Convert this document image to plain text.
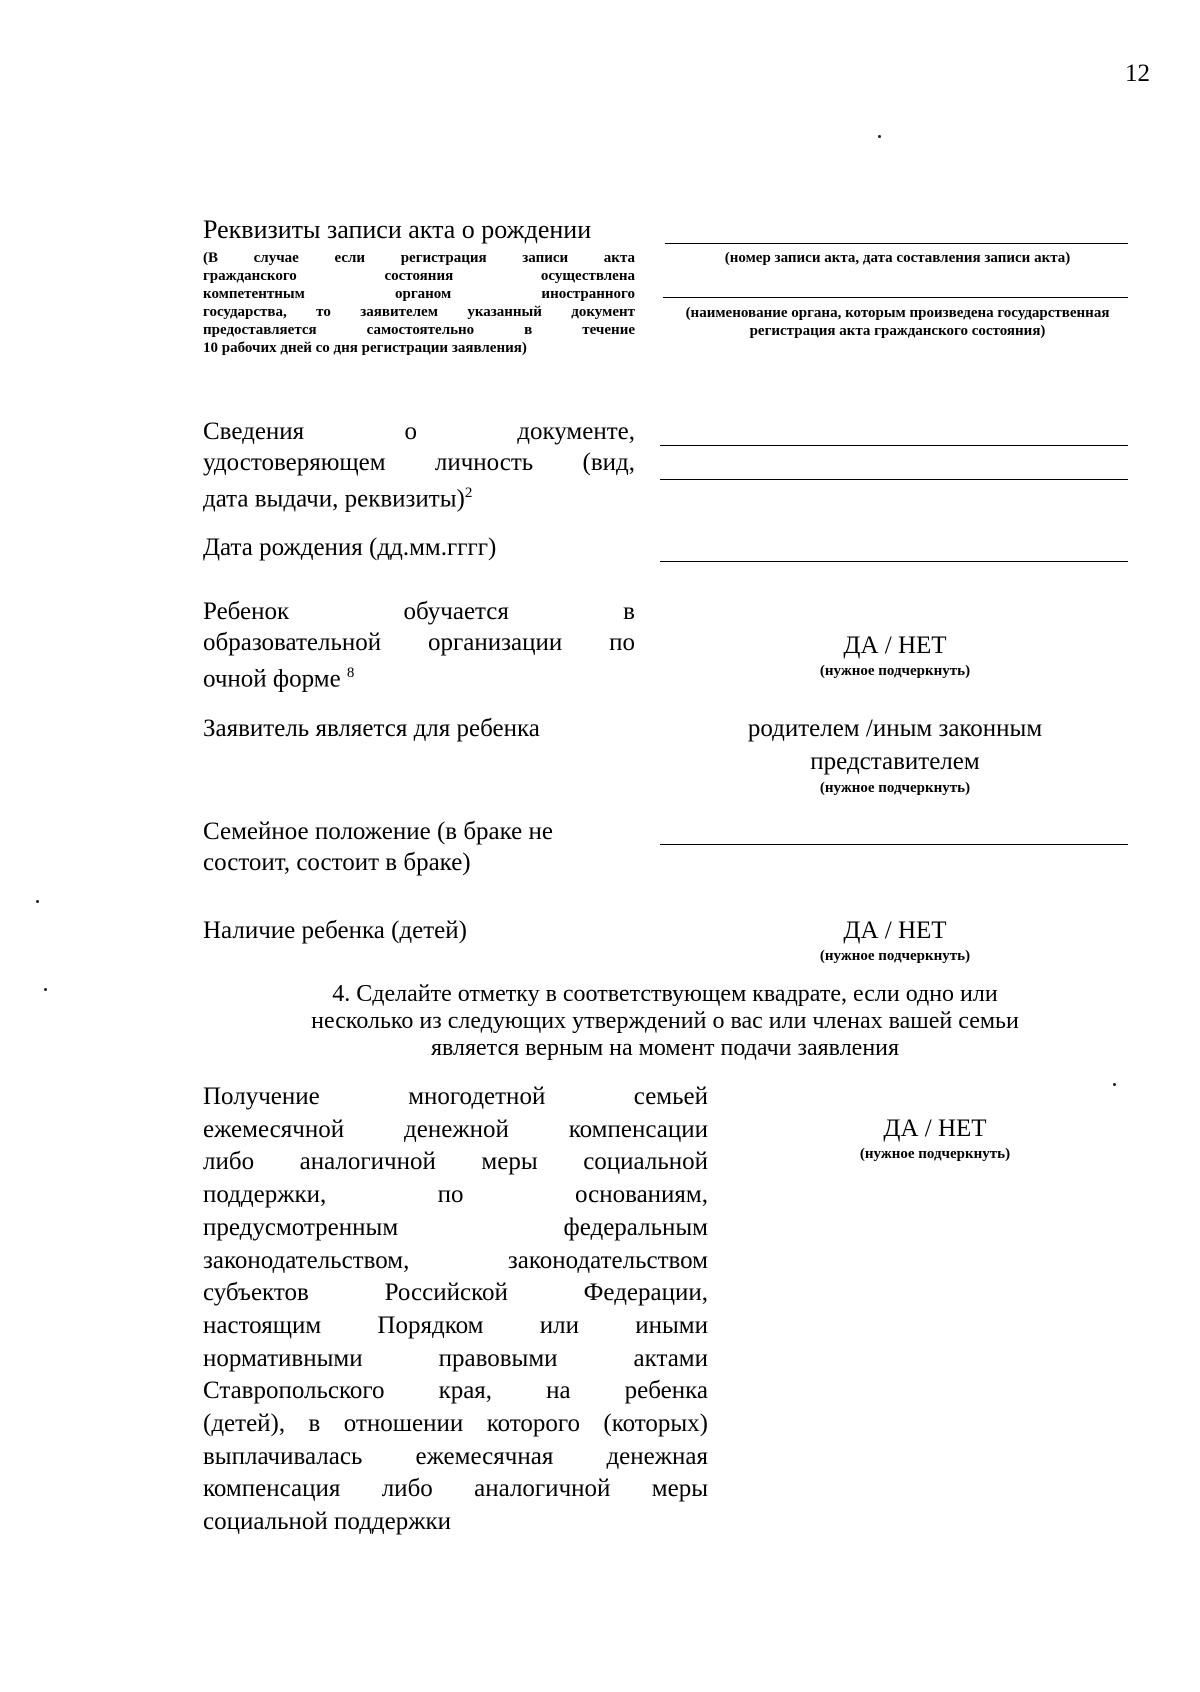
12
Реквизиты записи акта о рождении
(В случае если регистрация записи акта
гражданского состояния осуществлена
компетентным органом иностранного
государства, то заявителем указанный документ
предоставляется самостоятельно в течение
10 рабочих дней со дня регистрации заявления)
(номер записи акта, дата составления записи акта)
(наименование органа, которым произведена государственная регистрация акта гражданского состояния)
Сведения о документе,
удостоверяющем личность (вид,
дата выдачи, реквизиты)$^2$
Дата рождения (дд.мм.гггг)
Ребенок обучается в
образовательной организации по
очной форме $^8$
ДА / НЕТ
(нужное подчеркнуть)
Заявитель является для ребенка	родителем /иным законным
представителем
(нужное подчеркнуть)
Семейное положение (в браке не
состоит, состоит в браке)
Наличие ребенка (детей)	ДА / НЕТ
(нужное подчеркнуть)
4. Сделайте отметку в соответствующем квадрате, если одно или
несколько из следующих утверждений о вас или членах вашей семьи
является верным на момент подачи заявления
Получение многодетной семьей
ежемесячной денежной компенсации
либо аналогичной меры социальной
поддержки, по основаниям,
предусмотренным федеральным
законодательством, законодательством
субъектов Российской Федерации,
настоящим Порядком или иными
нормативными правовыми актами
Ставропольского края, на ребенка
(детей), в отношении которого (которых)
выплачивалась ежемесячная денежная
компенсация либо аналогичной меры
социальной поддержки
ДА / НЕТ
(нужное подчеркнуть)
